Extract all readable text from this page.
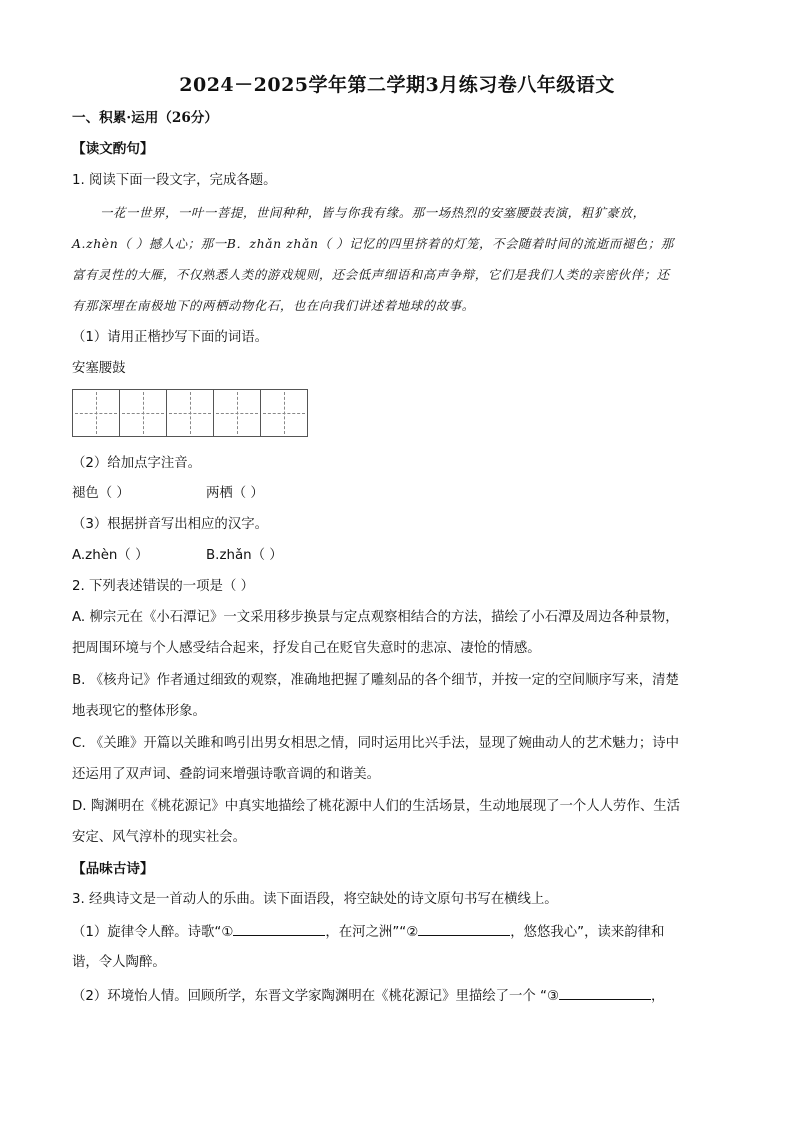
2024－2025学年第二学期3月练习卷八年级语文
一、积累·运用（26分）
【读文酌句】
1. 阅读下面一段文字，完成各题。
一花一世界，一叶一菩提，世间种种，皆与你我有缘。那一场热烈的安塞腰鼓表演，粗犷豪放，
A.zhèn（ ）撼人心；那一B．zhǎn zhǎn（ ）记忆的四里挤着的灯笼，不会随着时间的流逝而褪色；那
富有灵性的大雁，不仅熟悉人类的游戏规则，还会低声细语和高声争辩，它们是我们人类的亲密伙伴；还
有那深埋在南极地下的两栖动物化石，也在向我们讲述着地球的故事。
（1）请用正楷抄写下面的词语。
安塞腰鼓
（2）给加点字注音。
褪色（ ）	两栖（ ）
（3）根据拼音写出相应的汉字。
A.zhèn（ ）	B.zhǎn（ ）
2. 下列表述错误的一项是（ ）
A. 柳宗元在《小石潭记》一文采用移步换景与定点观察相结合的方法，描绘了小石潭及周边各种景物，
把周围环境与个人感受结合起来，抒发自己在贬官失意时的悲凉、凄怆的情感。
B. 《核舟记》作者通过细致的观察，准确地把握了雕刻品的各个细节，并按一定的空间顺序写来，清楚
地表现它的整体形象。
C. 《关雎》开篇以关雎和鸣引出男女相思之情，同时运用比兴手法，显现了婉曲动人的艺术魅力；诗中
还运用了双声词、叠韵词来增强诗歌音调的和谐美。
D. 陶渊明在《桃花源记》中真实地描绘了桃花源中人们的生活场景，生动地展现了一个人人劳作、生活
安定、风气淳朴的现实社会。
【品味古诗】
3. 经典诗文是一首动人的乐曲。读下面语段，将空缺处的诗文原句书写在横线上。
（1）旋律令人醉。诗歌“①	，在河之洲”“②	，悠悠我心”，读来韵律和
谐，令人陶醉。
（2）环境怡人情。回顾所学，东晋文学家陶渊明在《桃花源记》里描绘了一个 “③	，
